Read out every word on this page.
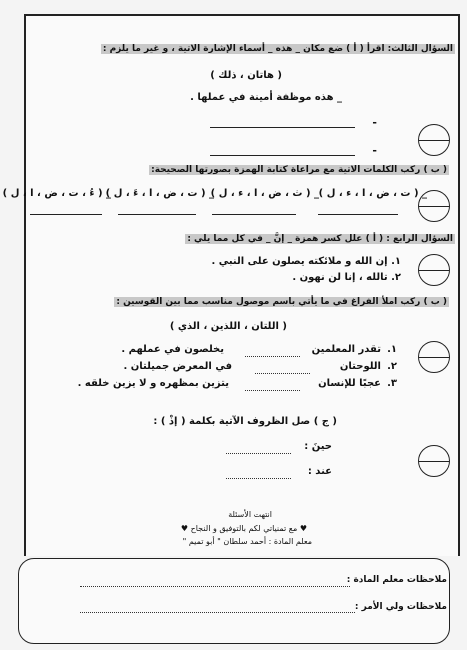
السؤال الثالث: اقرأ ( أ ) ضع مكان _ هذه _ أسماء الإشارة الاتية ، و غير ما يلزم :
( هاتان ، ذلك )
_ هذه موظفة أمينة في عملها .
-
-
( ب ) ركب الكلمات الاتية مع مراعاة كتابة الهمزة بصورتها الصحيحة:
_ ( ت ، ض ، ا ، ء ، ل )
_ ( ث ، ض ، ا ، ء ، ل )
_ ( ت ، ض ، ا ، ءَ ، ل )
_ ( ءُ ، ت ، ض ، ا ، ل )
السؤال الرابع : ( أ ) علل كسر همزة _ إنَّ _ في كل مما يلي :
١. إن الله و ملائكته يصلون على النبي .
٢. تالله ، إنا لن نهون .
( ب ) ركب املأ الفراغ في ما يأتي باسم موصول مناسب مما بين القوسين :
( اللتان ، اللذين ، الذي )
١.
تقدر المعلمين
يخلصون في عملهم .
٢.
اللوحتان
في المعرض جميلتان .
٣.
عجبًا للإنسان
يتزين بمظهره و لا يزين خلقه .
( ج ) صل الظروف الآتية بكلمة ( إذْ ) :
حينَ :
عند :
انتهت الأسئلة
♥ مع تمنياتي لكم بالتوفيق و النجاح ♥
معلم المادة : أحمد سلطان " أبو تميم "
ملاحظات معلم المادة :
ملاحظات ولي الأمر :
